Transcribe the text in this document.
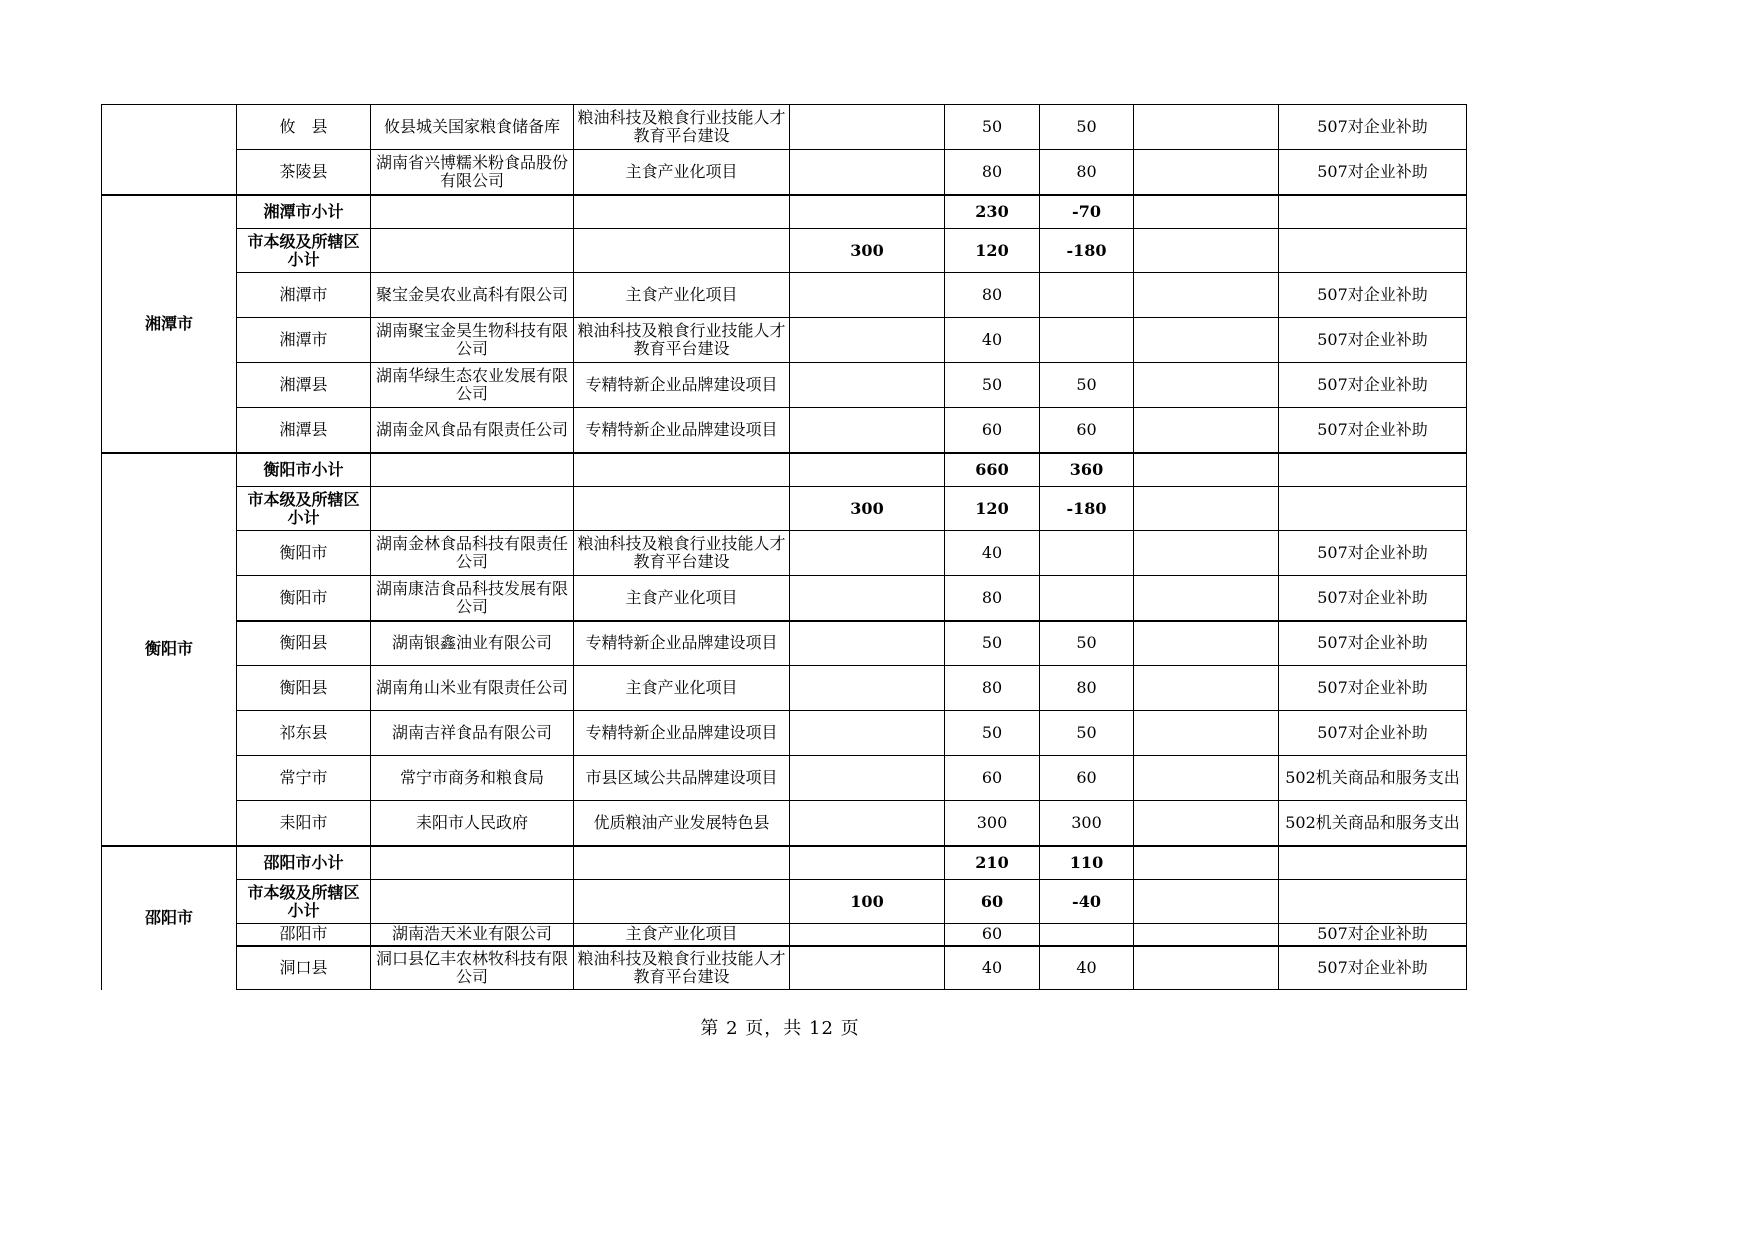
	攸　县	攸县城关国家粮食储备库	粮油科技及粮食行业技能人才教育平台建设		50	50		507对企业补助
	茶陵县	湖南省兴博糯米粉食品股份有限公司	主食产业化项目		80	80		507对企业补助
湘潭市	湘潭市小计				230	-70		
	市本级及所辖区小计			300	120	-180		
	湘潭市	聚宝金昊农业高科有限公司	主食产业化项目		80			507对企业补助
	湘潭市	湖南聚宝金昊生物科技有限公司	粮油科技及粮食行业技能人才教育平台建设		40			507对企业补助
	湘潭县	湖南华绿生态农业发展有限公司	专精特新企业品牌建设项目		50	50		507对企业补助
	湘潭县	湖南金风食品有限责任公司	专精特新企业品牌建设项目		60	60		507对企业补助
衡阳市	衡阳市小计				660	360		
	市本级及所辖区小计			300	120	-180		
	衡阳市	湖南金林食品科技有限责任公司	粮油科技及粮食行业技能人才教育平台建设		40			507对企业补助
	衡阳市	湖南康洁食品科技发展有限公司	主食产业化项目		80			507对企业补助
	衡阳县	湖南银鑫油业有限公司	专精特新企业品牌建设项目		50	50		507对企业补助
	衡阳县	湖南角山米业有限责任公司	主食产业化项目		80	80		507对企业补助
	祁东县	湖南吉祥食品有限公司	专精特新企业品牌建设项目		50	50		507对企业补助
	常宁市	常宁市商务和粮食局	市县区域公共品牌建设项目		60	60		502机关商品和服务支出
	耒阳市	耒阳市人民政府	优质粮油产业发展特色县		300	300		502机关商品和服务支出
邵阳市	邵阳市小计				210	110		
	市本级及所辖区小计			100	60	-40		
	邵阳市	湖南浩天米业有限公司	主食产业化项目		60			507对企业补助
	洞口县	洞口县亿丰农林牧科技有限公司	粮油科技及粮食行业技能人才教育平台建设		40	40		507对企业补助
第 2 页，共 12 页
